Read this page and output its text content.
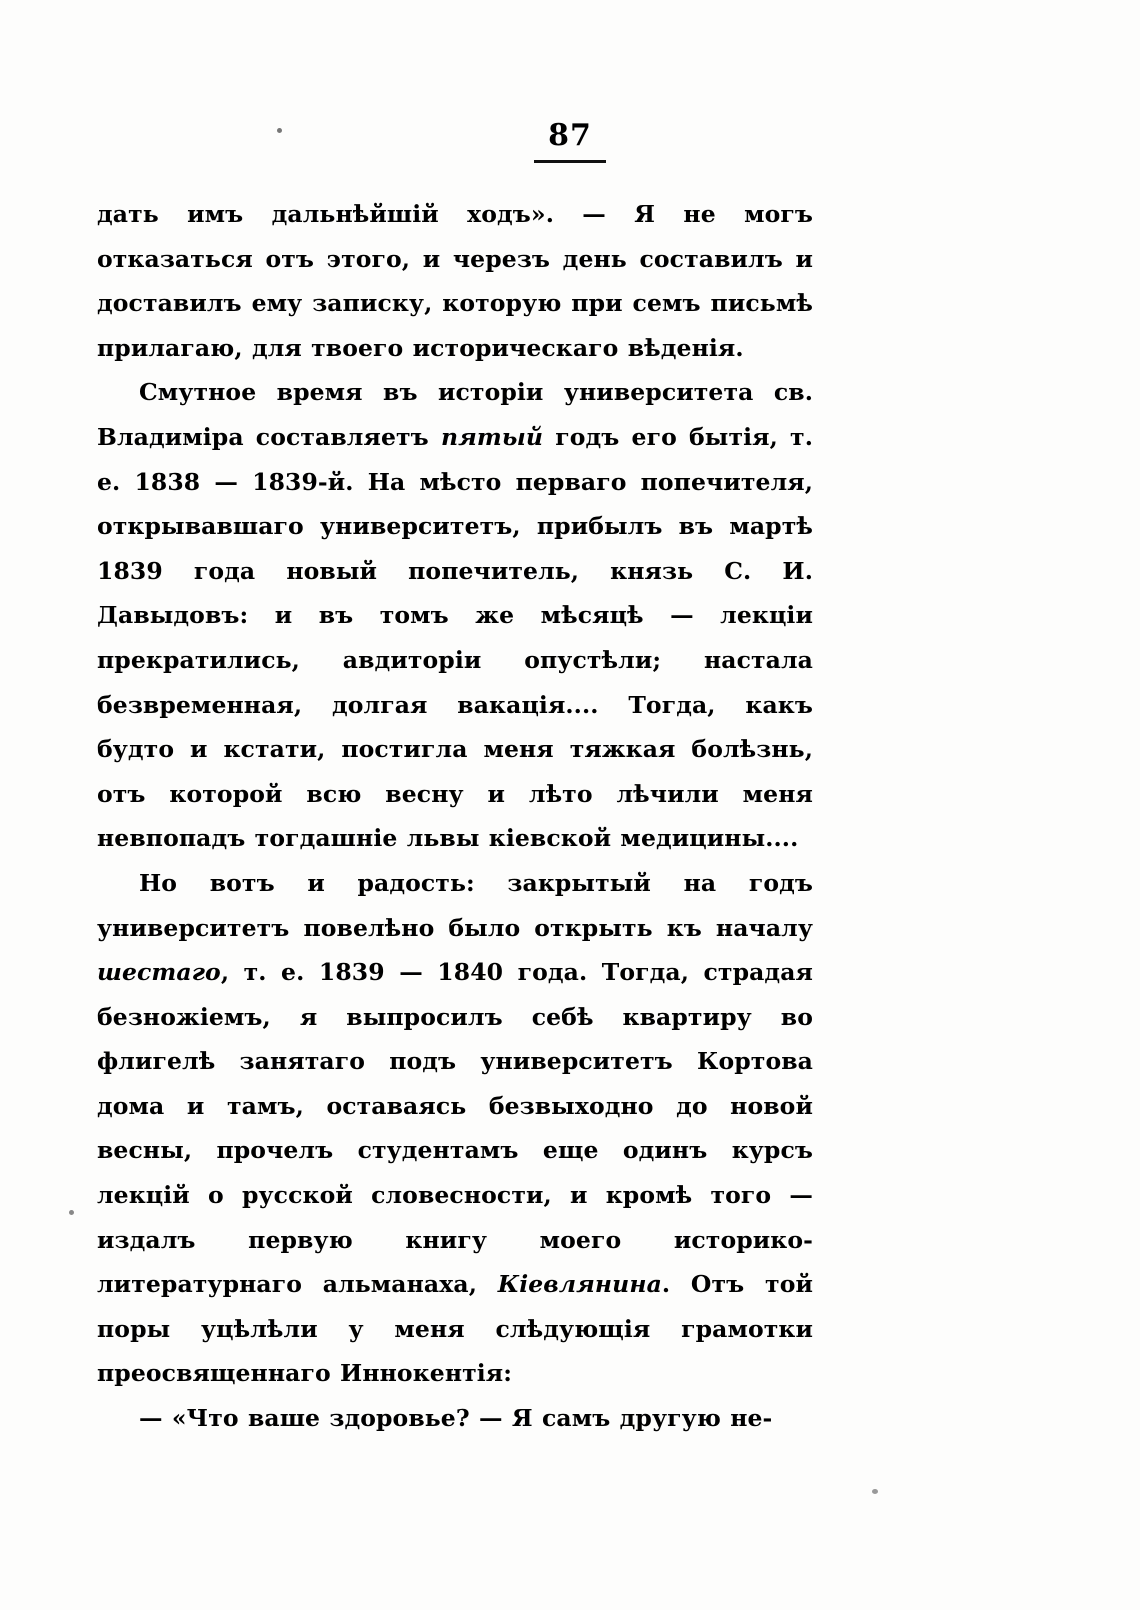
87

дать имъ дальнѣйшій ходъ». — Я не могъ отказаться отъ этого, и черезъ день составилъ и доставилъ ему записку, которую при семъ письмѣ прилагаю, для твоего историческаго вѣденія.

Смутное время въ исторіи университета св. Владиміра составляетъ пятый годъ его бытія, т. е. 1838 — 1839-й. На мѣсто перваго попечителя, открывавшаго университетъ, прибылъ въ мартѣ 1839 года новый попечитель, князь С. И. Давыдовъ: и въ томъ же мѣсяцѣ — лекціи прекратились, авдиторіи опустѣли; настала безвременная, долгая вакація.... Тогда, какъ будто и кстати, постигла меня тяжкая болѣзнь, отъ которой всю весну и лѣто лѣчили меня невпопадъ тогдашніе львы кіевской медицины....

Но вотъ и радость: закрытый на годъ университетъ повелѣно было открыть къ началу шестаго, т. е. 1839 — 1840 года. Тогда, страдая безножіемъ, я выпросилъ себѣ квартиру во флигелѣ занятаго подъ университетъ Кортова дома и тамъ, оставаясь безвыходно до новой весны, прочелъ студентамъ еще одинъ курсъ лекцій о русской словесности, и кромѣ того — издалъ первую книгу моего историко-литературнаго альманаха, Кіевлянина. Отъ той поры уцѣлѣли у меня слѣдующія грамотки преосвященнаго Иннокентія:

— «Что ваше здоровье? — Я самъ другую не-
